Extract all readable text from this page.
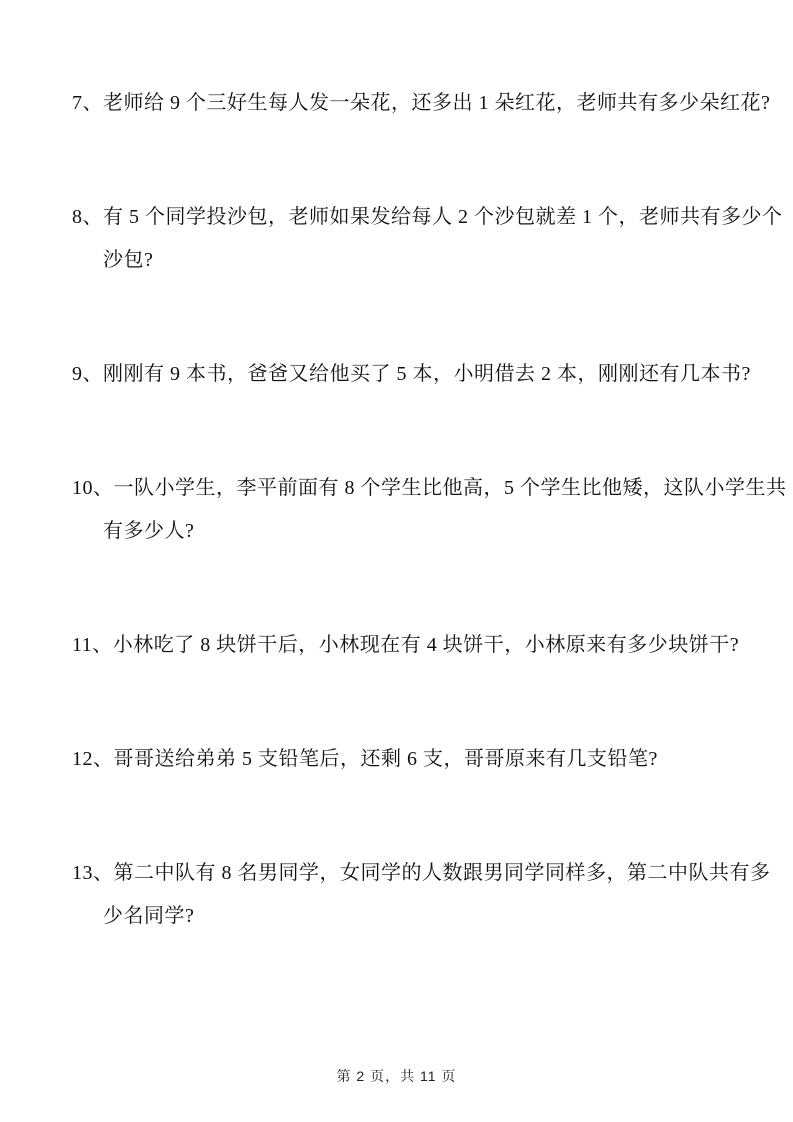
7、老师给 9 个三好生每人发一朵花，还多出 1 朵红花，老师共有多少朵红花?
8、有 5 个同学投沙包，老师如果发给每人 2 个沙包就差 1 个，老师共有多少个
沙包?
9、刚刚有 9 本书，爸爸又给他买了 5 本，小明借去 2 本，刚刚还有几本书?
10、一队小学生，李平前面有 8 个学生比他高，5 个学生比他矮，这队小学生共
有多少人?
11、小林吃了 8 块饼干后，小林现在有 4 块饼干，小林原来有多少块饼干?
12、哥哥送给弟弟 5 支铅笔后，还剩 6 支，哥哥原来有几支铅笔?
13、第二中队有 8 名男同学，女同学的人数跟男同学同样多，第二中队共有多
少名同学?
第 2 页，共 11 页
